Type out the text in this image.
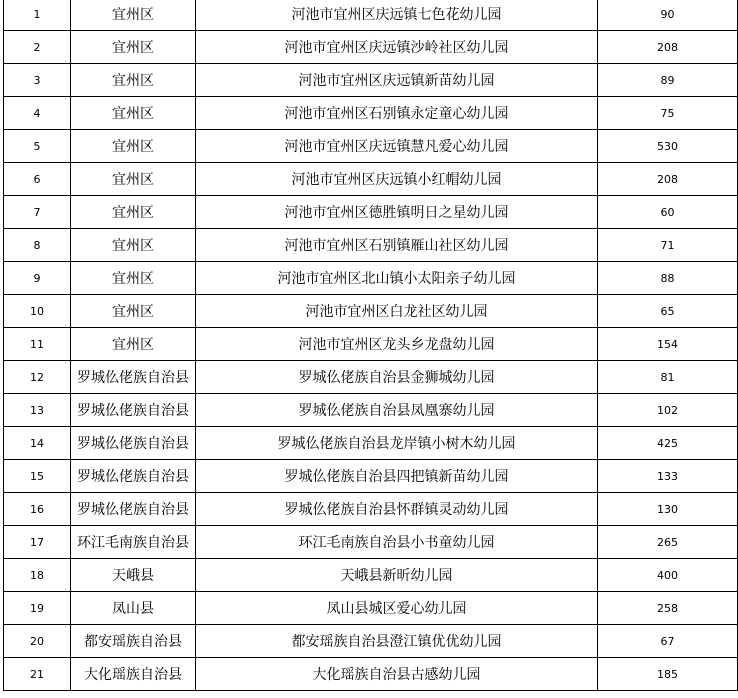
1	宜州区	河池市宜州区庆远镇七色花幼儿园	90
2	宜州区	河池市宜州区庆远镇沙岭社区幼儿园	208
3	宜州区	河池市宜州区庆远镇新苗幼儿园	89
4	宜州区	河池市宜州区石别镇永定童心幼儿园	75
5	宜州区	河池市宜州区庆远镇慧凡爱心幼儿园	530
6	宜州区	河池市宜州区庆远镇小红帽幼儿园	208
7	宜州区	河池市宜州区德胜镇明日之星幼儿园	60
8	宜州区	河池市宜州区石别镇雁山社区幼儿园	71
9	宜州区	河池市宜州区北山镇小太阳亲子幼儿园	88
10	宜州区	河池市宜州区白龙社区幼儿园	65
11	宜州区	河池市宜州区龙头乡龙盘幼儿园	154
12	罗城仫佬族自治县	罗城仫佬族自治县金狮城幼儿园	81
13	罗城仫佬族自治县	罗城仫佬族自治县凤凰寨幼儿园	102
14	罗城仫佬族自治县	罗城仫佬族自治县龙岸镇小树木幼儿园	425
15	罗城仫佬族自治县	罗城仫佬族自治县四把镇新苗幼儿园	133
16	罗城仫佬族自治县	罗城仫佬族自治县怀群镇灵动幼儿园	130
17	环江毛南族自治县	环江毛南族自治县小书童幼儿园	265
18	天峨县	天峨县新昕幼儿园	400
19	凤山县	凤山县城区爱心幼儿园	258
20	都安瑶族自治县	都安瑶族自治县澄江镇优优幼儿园	67
21	大化瑶族自治县	大化瑶族自治县古感幼儿园	185
